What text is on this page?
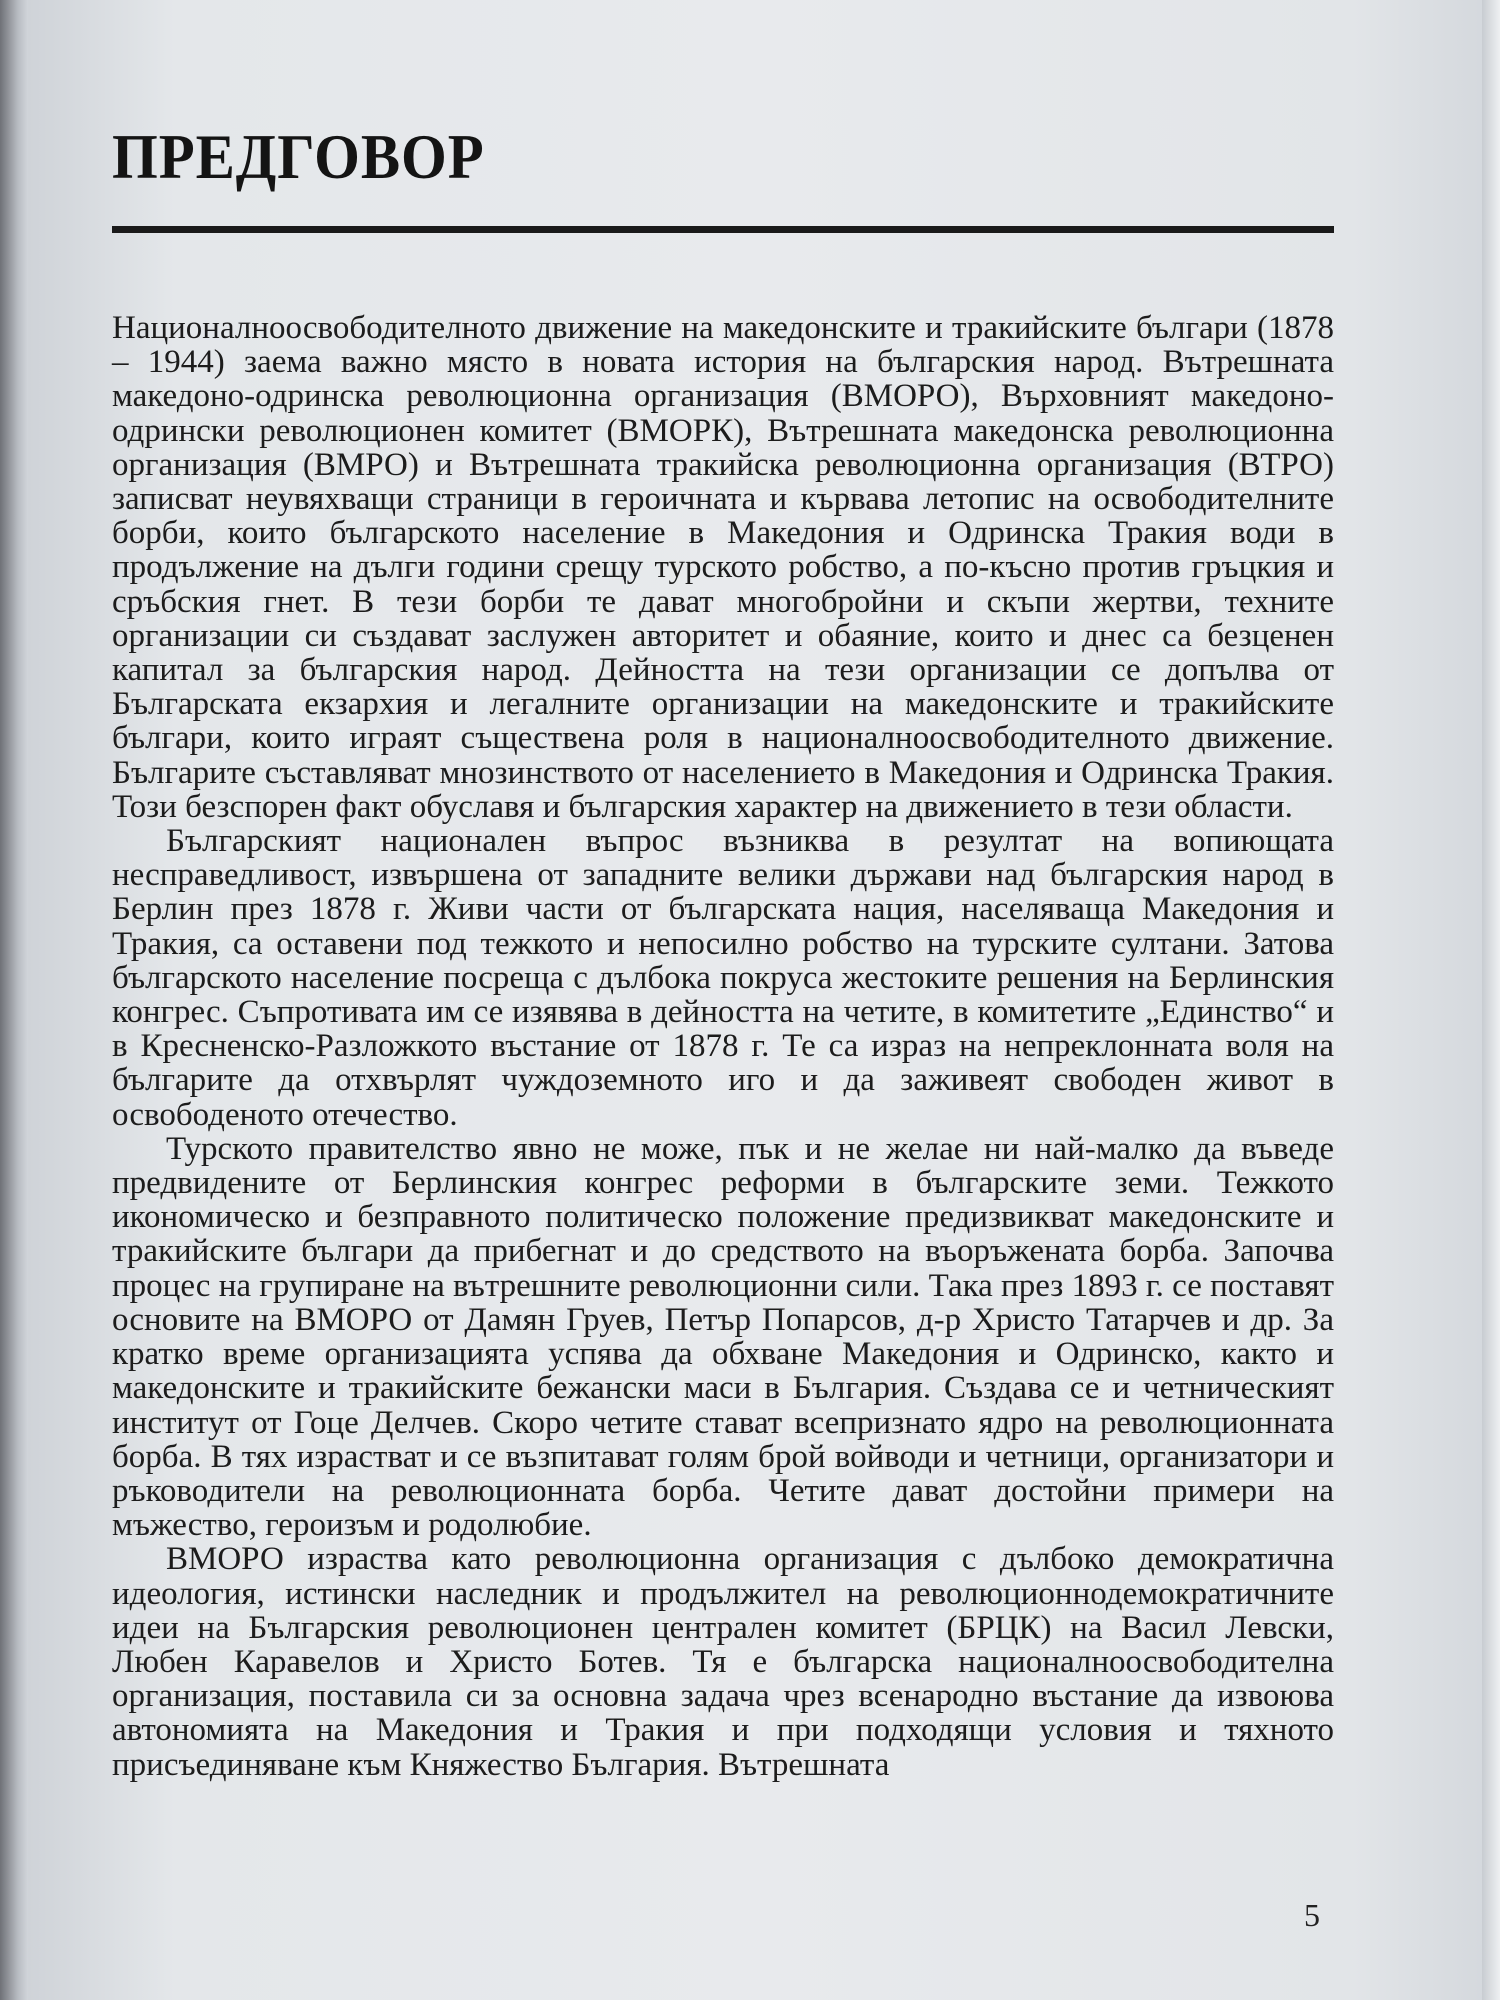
ПРЕДГОВОР

Националноосвободителното движение на македонските и тракийските българи (1878 – 1944) заема важно място в новата история на българския народ. Вътрешната македоно-одринска революционна организация (ВМОРО), Върховният македоно-одрински революционен комитет (ВМОРК), Вътрешната македонска революционна организация (ВМРО) и Вътрешната тракийска революционна организация (ВТРО) записват неувяхващи страници в героичната и кървава летопис на освободителните борби, които българското население в Македония и Одринска Тракия води в продължение на дълги години срещу турското робство, а по-късно против гръцкия и сръбския гнет. В тези борби те дават многобройни и скъпи жертви, техните организации си създават заслужен авторитет и обаяние, които и днес са безценен капитал за българския народ. Дейността на тези организации се допълва от Българската екзархия и легалните организации на македонските и тракийските българи, които играят съществена роля в националноосвободителното движение. Българите съставляват мнозинството от населението в Македония и Одринска Тракия. Този безспорен факт обуславя и българския характер на движението в тези области.

Българският национален въпрос възниква в резултат на вопиющата несправедливост, извършена от западните велики държави над българския народ в Берлин през 1878 г. Живи части от българската нация, населяваща Македония и Тракия, са оставени под тежкото и непосилно робство на турските султани. Затова българското население посреща с дълбока покруса жестоките решения на Берлинския конгрес. Съпротивата им се изявява в дейността на четите, в комитетите „Единство“ и в Кресненско-Разложкото въстание от 1878 г. Те са израз на непреклонната воля на българите да отхвърлят чуждоземното иго и да заживеят свободен живот в освободеното отечество.

Турското правителство явно не може, пък и не желае ни най-малко да въведе предвидените от Берлинския конгрес реформи в българските земи. Тежкото икономическо и безправното политическо положение предизвикват македонските и тракийските българи да прибегнат и до средството на въоръжената борба. Започва процес на групиране на вътрешните революционни сили. Така през 1893 г. се поставят основите на ВМОРО от Дамян Груев, Петър Попарсов, д-р Христо Татарчев и др. За кратко време организацията успява да обхване Македония и Одринско, както и македонските и тракийските бежански маси в България. Създава се и четническият институт от Гоце Делчев. Скоро четите стават всепризнато ядро на революционната борба. В тях израстват и се възпитават голям брой войводи и четници, организатори и ръководители на революционната борба. Четите дават достойни примери на мъжество, героизъм и родолюбие.

ВМОРО израства като революционна организация с дълбоко демократична идеология, истински наследник и продължител на революционнодемократичните идеи на Българския революционен централен комитет (БРЦК) на Васил Левски, Любен Каравелов и Христо Ботев. Тя е българска националноосвободителна организация, поставила си за основна задача чрез всенародно въстание да извоюва автономията на Македония и Тракия и при подходящи условия и тяхното присъединяване към Княжество България. Вътрешната

5
